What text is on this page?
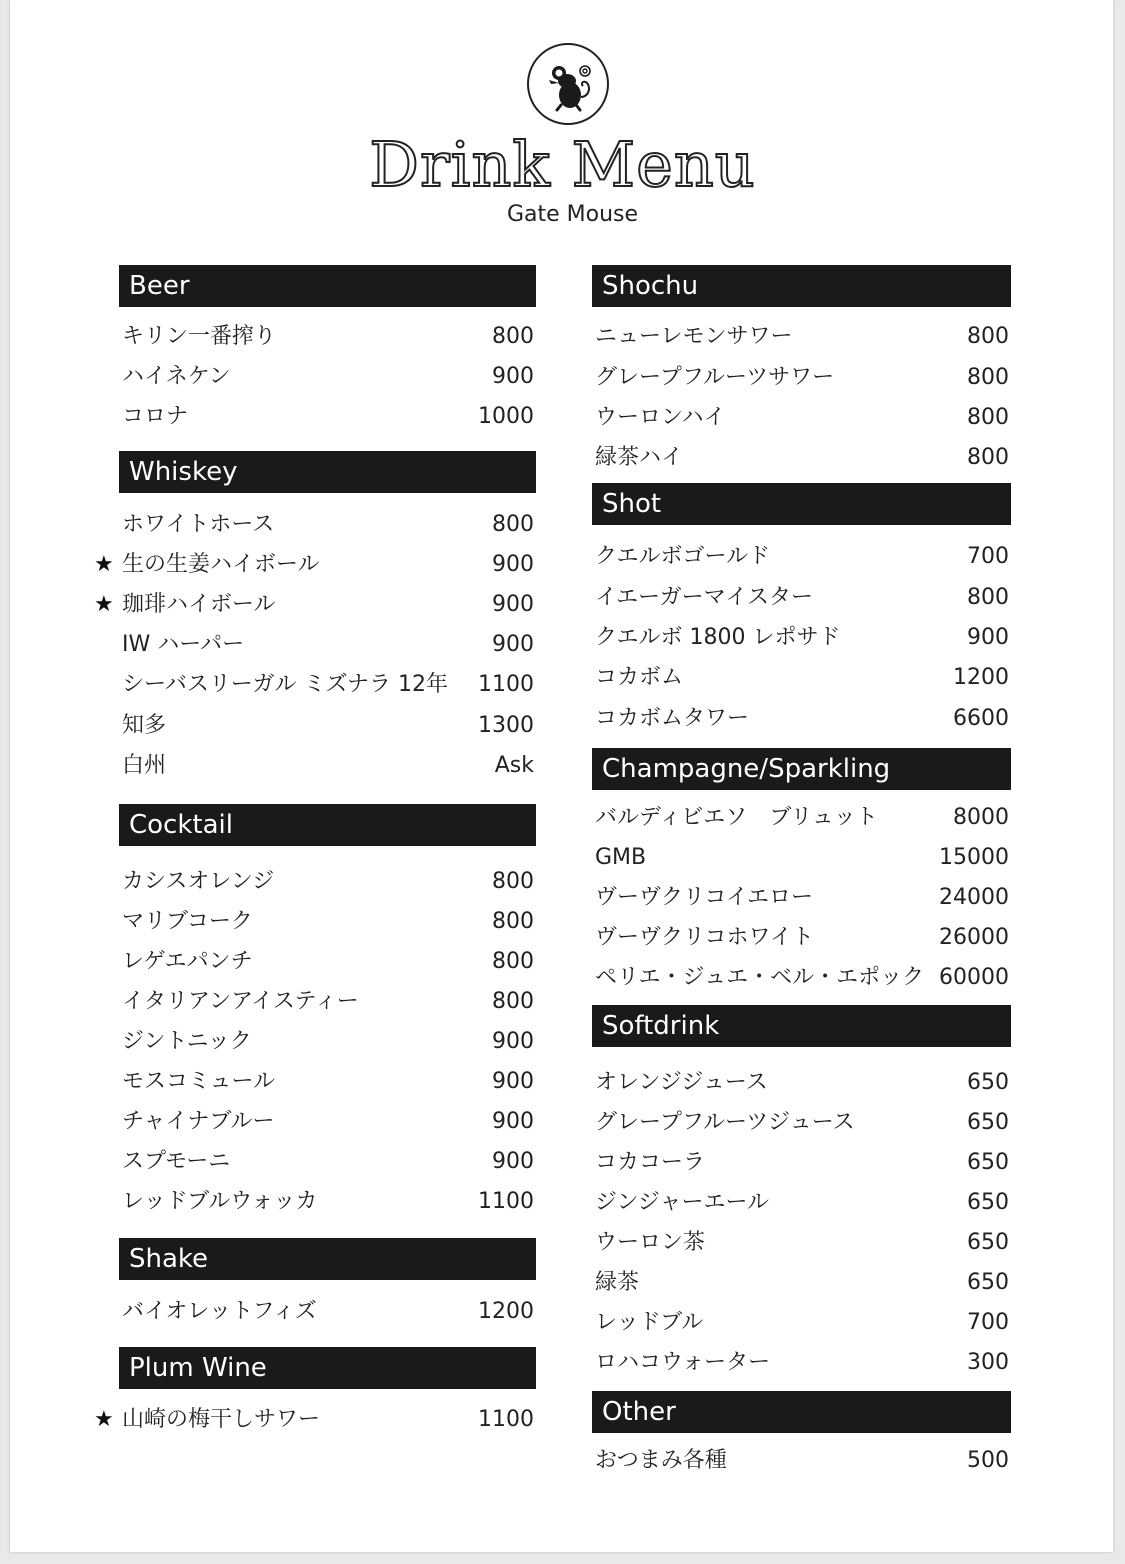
Drink Menu
Gate Mouse
Beer
キリン一番搾り	800
ハイネケン	900
コロナ	1000
Whiskey
ホワイトホース	800
★ 生の生姜ハイボール	900
★ 珈琲ハイボール	900
IW ハーパー	900
シーバスリーガル ミズナラ 12年 1100
知多	1300
白州	Ask
Cocktail
カシスオレンジ	800
マリブコーク	800
レゲエパンチ	800
イタリアンアイスティー	800
ジントニック	900
モスコミュール	900
チャイナブルー	900
スプモーニ	900
レッドブルウォッカ	1100
Shake
バイオレットフィズ	1200
Plum Wine
★ 山崎の梅干しサワー	1100
Shochu
ニューレモンサワー	800
グレープフルーツサワー	800
ウーロンハイ	800
緑茶ハイ	800
Shot
クエルボゴールド	700
イエーガーマイスター	800
クエルボ 1800 レポサド	900
コカボム	1200
コカボムタワー	6600
Champagne/Sparkling
バルディビエソ　ブリュット	8000
GMB	15000
ヴーヴクリコイエロー	24000
ヴーヴクリコホワイト	26000
ペリエ・ジュエ・ベル・エポック 60000
Softdrink
オレンジジュース	650
グレープフルーツジュース	650
コカコーラ	650
ジンジャーエール	650
ウーロン茶	650
緑茶	650
レッドブル	700
ロハコウォーター	300
Other
おつまみ各種	500
